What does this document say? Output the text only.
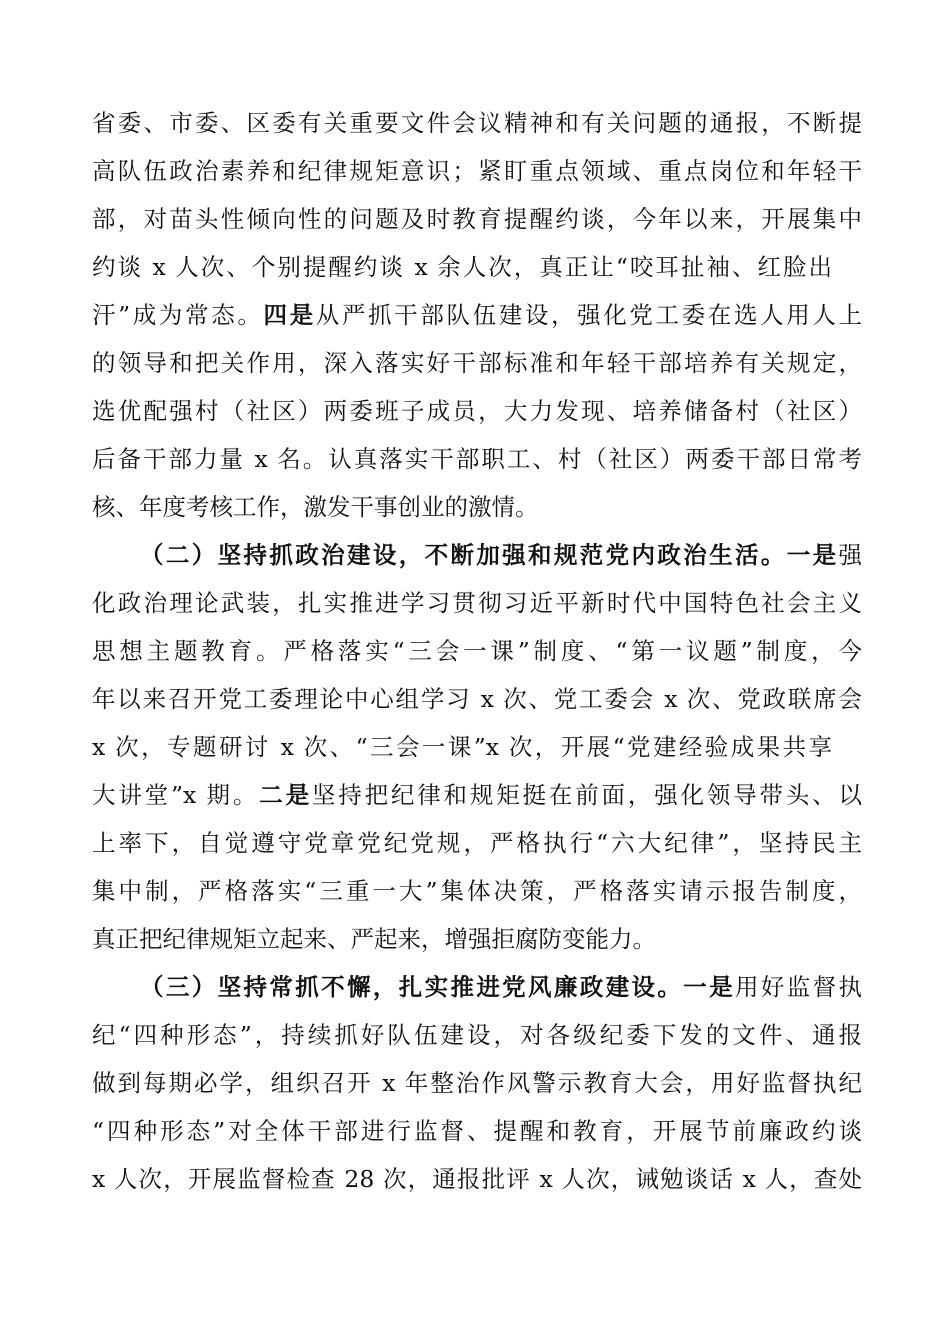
省委、市委、区委有关重要文件会议精神和有关问题的通报，不断提
高队伍政治素养和纪律规矩意识；紧盯重点领域、重点岗位和年轻干
部，对苗头性倾向性的问题及时教育提醒约谈，今年以来，开展集中
约谈 x 人次、个别提醒约谈 x 余人次，真正让“咬耳扯袖、红脸出
汗”成为常态。四是从严抓干部队伍建设，强化党工委在选人用人上
的领导和把关作用，深入落实好干部标准和年轻干部培养有关规定，
选优配强村（社区）两委班子成员，大力发现、培养储备村（社区）
后备干部力量 x 名。认真落实干部职工、村（社区）两委干部日常考
核、年度考核工作，激发干事创业的激情。
（二）坚持抓政治建设，不断加强和规范党内政治生活。一是强
化政治理论武装，扎实推进学习贯彻习近平新时代中国特色社会主义
思想主题教育。严格落实“三会一课”制度、“第一议题”制度，今
年以来召开党工委理论中心组学习 x 次、党工委会 x 次、党政联席会
x 次，专题研讨 x 次、“三会一课”x 次，开展“党建经验成果共享
大讲堂”x 期。二是坚持把纪律和规矩挺在前面，强化领导带头、以
上率下，自觉遵守党章党纪党规，严格执行“六大纪律”，坚持民主
集中制，严格落实“三重一大”集体决策，严格落实请示报告制度，
真正把纪律规矩立起来、严起来，增强拒腐防变能力。
（三）坚持常抓不懈，扎实推进党风廉政建设。一是用好监督执
纪“四种形态”，持续抓好队伍建设，对各级纪委下发的文件、通报
做到每期必学，组织召开 x 年整治作风警示教育大会，用好监督执纪
“四种形态”对全体干部进行监督、提醒和教育，开展节前廉政约谈
x 人次，开展监督检查 28 次，通报批评 x 人次，诫勉谈话 x 人，查处
